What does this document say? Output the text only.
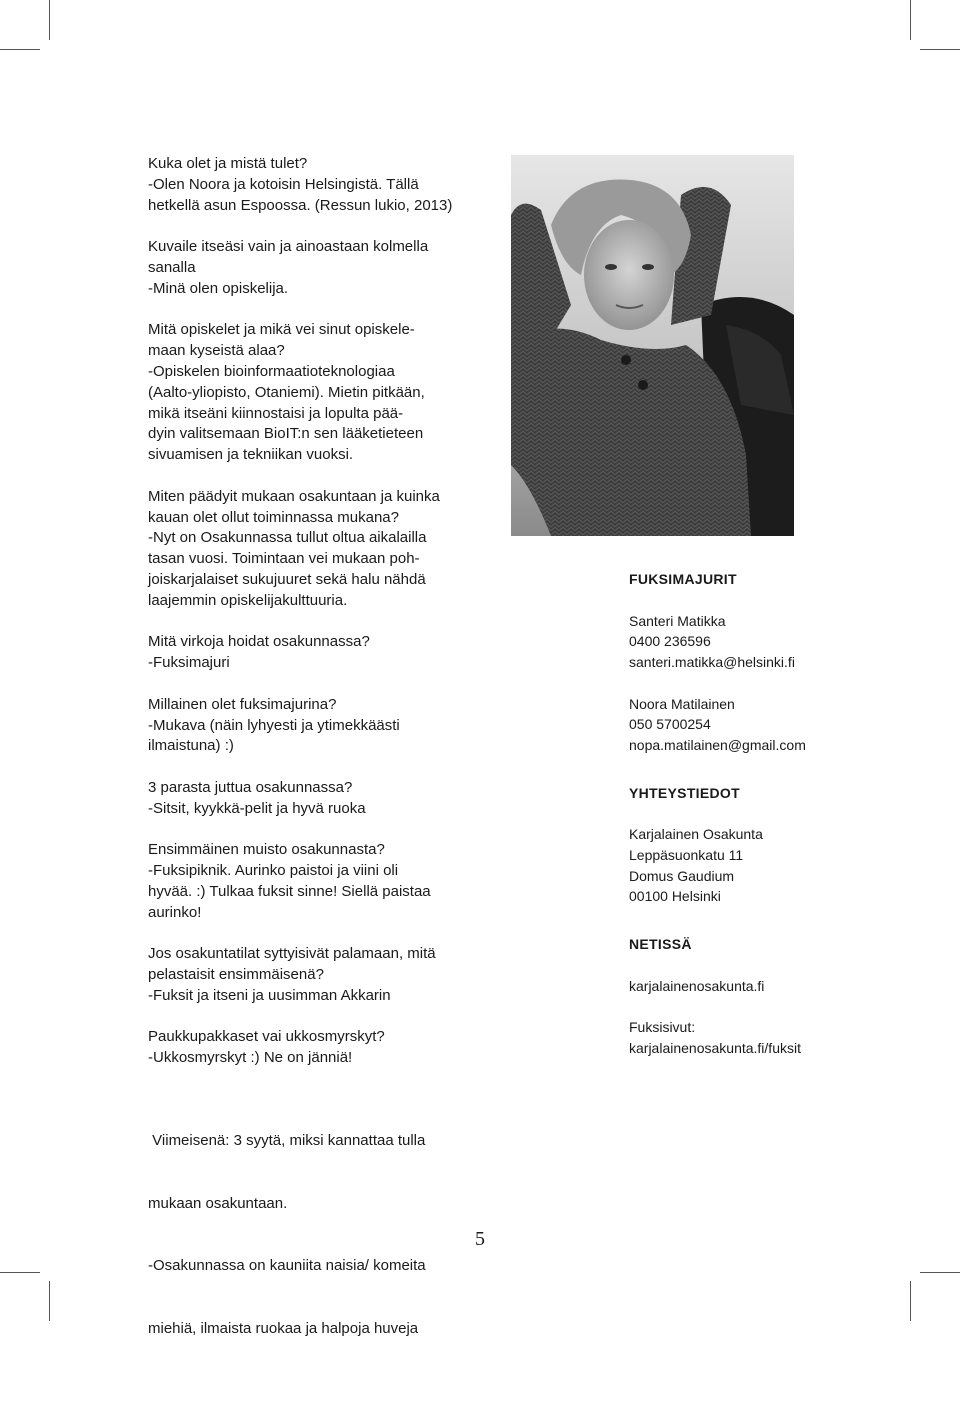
Kuka olet ja mistä tulet?

-Olen Noora ja kotoisin Helsingistä. Tällä

hetkellä asun Espoossa. (Ressun lukio, 2013)

Kuvaile itseäsi vain ja ainoastaan kolmella

sanalla

-Minä olen opiskelija.

Mitä opiskelet ja mikä vei sinut opiskele-

maan kyseistä alaa?

-Opiskelen bioinformaatioteknologiaa

(Aalto-yliopisto, Otaniemi). Mietin pitkään,

mikä itseäni kiinnostaisi ja lopulta pää-

dyin valitsemaan BioIT:n sen lääketieteen

sivuamisen ja tekniikan vuoksi.

Miten päädyit mukaan osakuntaan ja kuinka

kauan olet ollut toiminnassa mukana?

-Nyt on Osakunnassa tullut oltua aikalailla

tasan vuosi. Toimintaan vei mukaan poh-

joiskarjalaiset sukujuuret sekä halu nähdä

laajemmin opiskelijakulttuuria.

Mitä virkoja hoidat osakunnassa?

-Fuksimajuri

Millainen olet fuksimajurina?

-Mukava (näin lyhyesti ja ytimekkäästi

ilmaistuna) :)

3 parasta juttua osakunnassa?

-Sitsit, kyykkä-pelit ja hyvä ruoka

Ensimmäinen muisto osakunnasta?

-Fuksipiknik. Aurinko paistoi ja viini oli

hyvää. :) Tulkaa fuksit sinne! Siellä paistaa

aurinko!

Jos osakuntatilat syttyisivät palamaan, mitä

pelastaisit ensimmäisenä?

-Fuksit ja itseni ja uusimman Akkarin

Paukkupakkaset vai ukkosmyrskyt?

-Ukkosmyrskyt :) Ne on jänniä!

Viimeisenä: 3 syytä, miksi kannattaa tulla

mukaan osakuntaan.

-Osakunnassa on kauniita naisia/ komeita

miehiä, ilmaista ruokaa ja halpoja huveja

FUKSIMAJURIT

Santeri Matikka

0400 236596

santeri.matikka@helsinki.fi

Noora Matilainen

050 5700254

nopa.matilainen@gmail.com

YHTEYSTIEDOT

Karjalainen Osakunta

Leppäsuonkatu 11

Domus Gaudium

00100 Helsinki

NETISSÄ

karjalainenosakunta.fi

Fuksisivut:

karjalainenosakunta.fi/fuksit

5
